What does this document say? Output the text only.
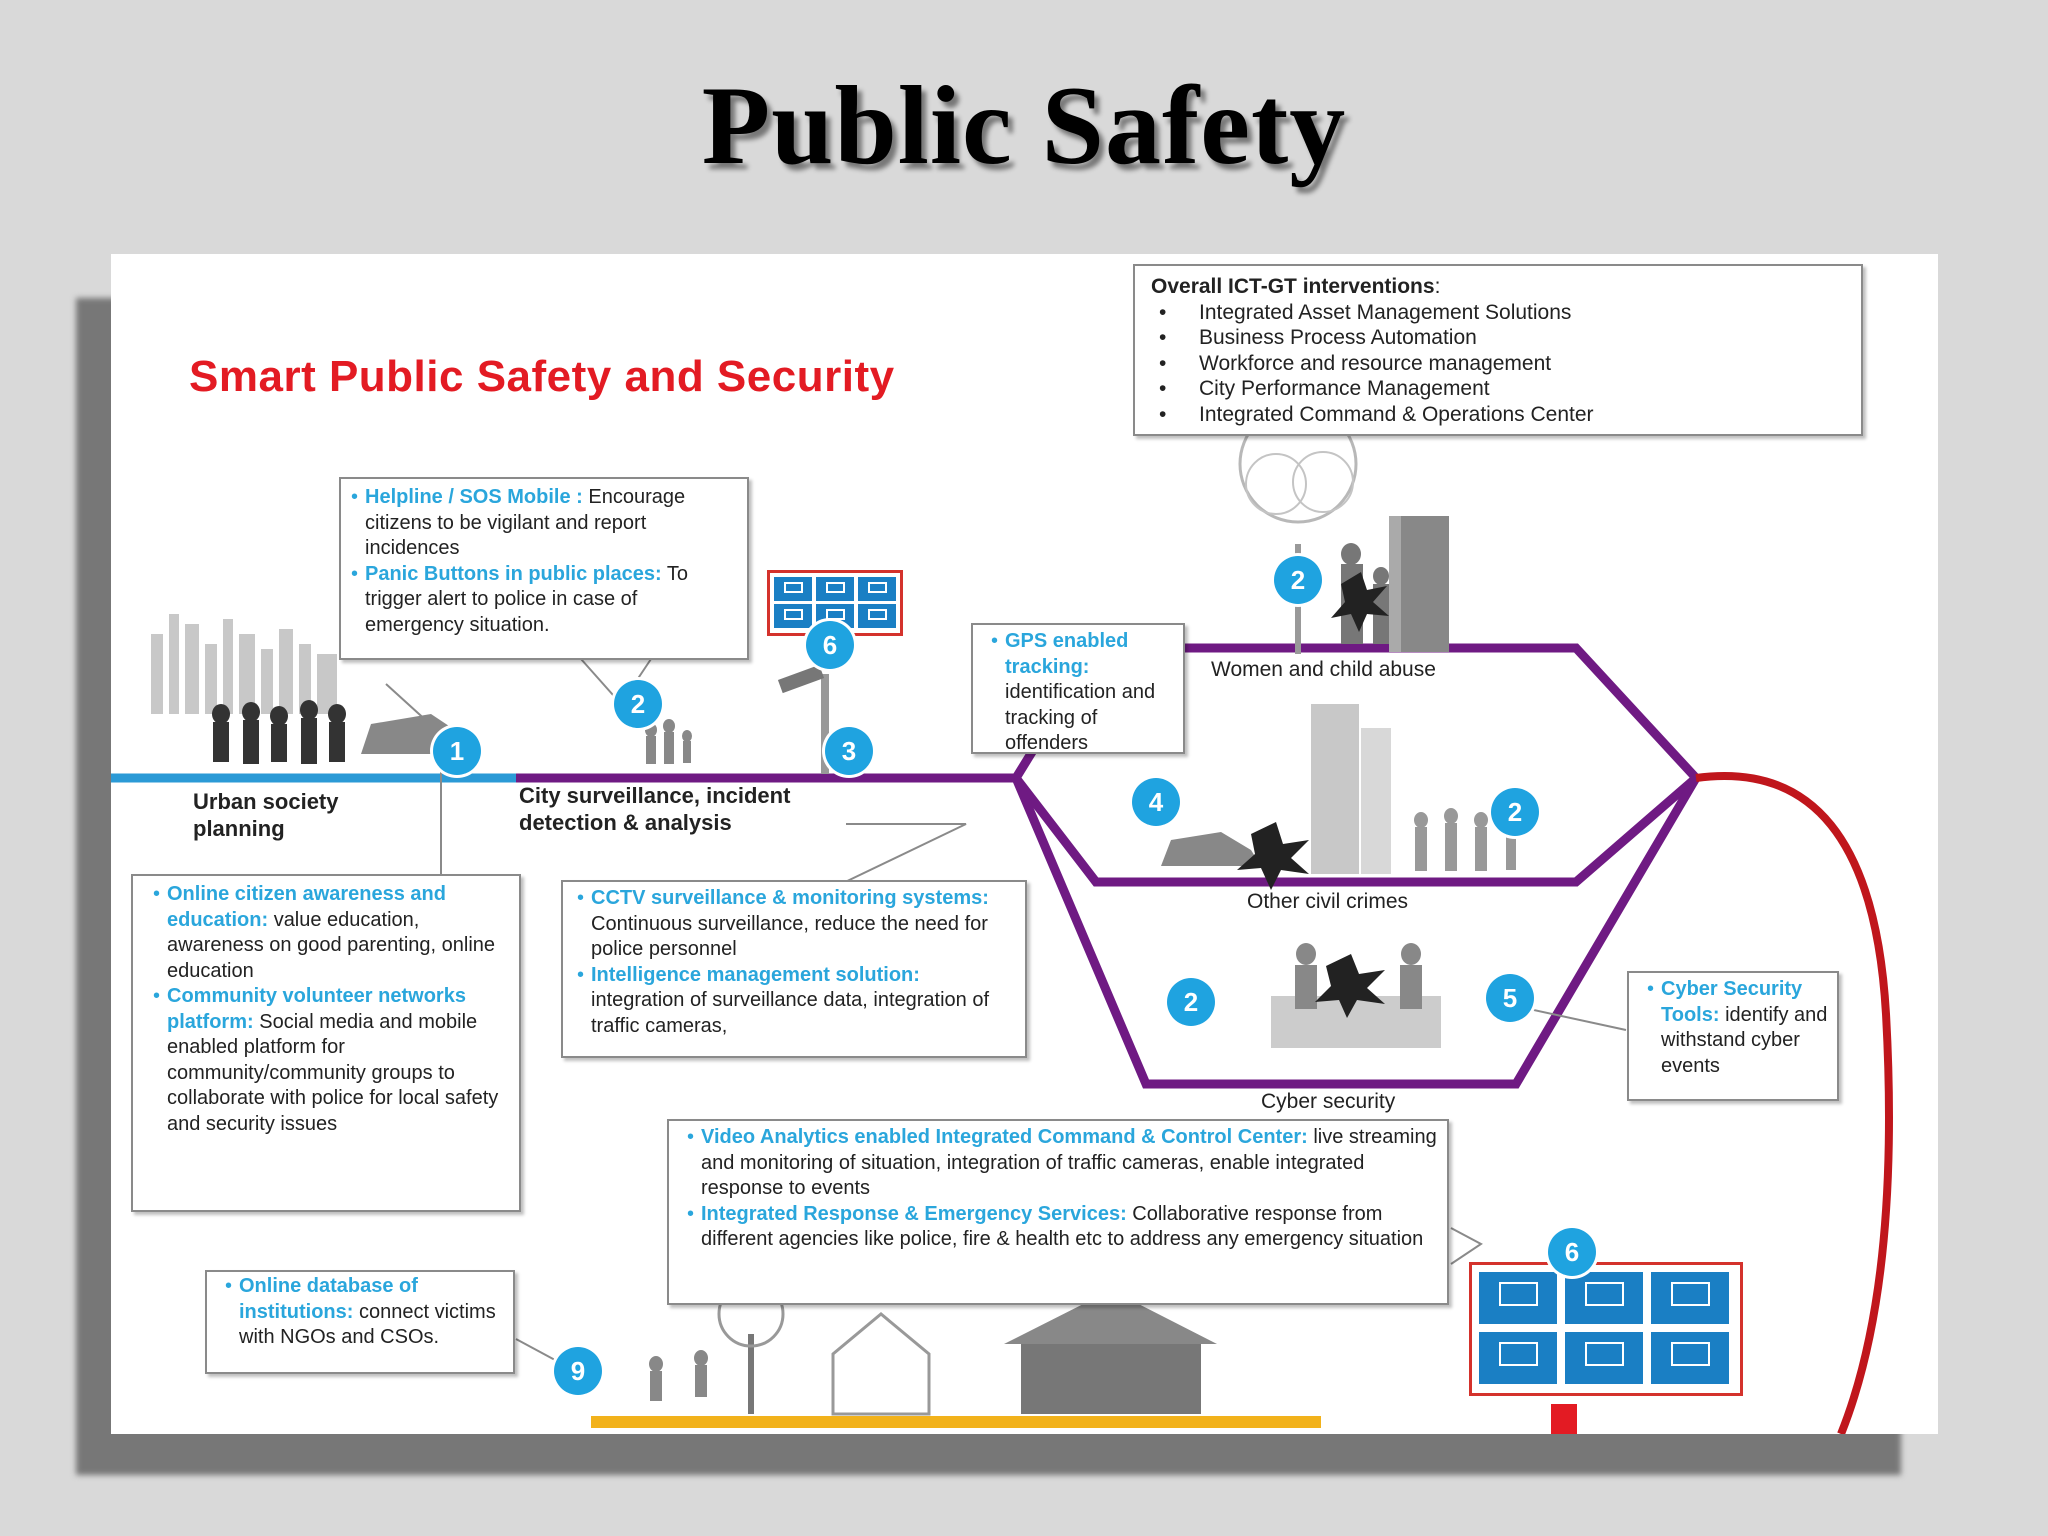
Public Safety
Smart Public Safety and Security
Overall ICT-GT interventions:
• Integrated Asset Management Solutions
• Business Process Automation
• Workforce and resource management
• City Performance Management
• Integrated Command & Operations Center
• Helpline / SOS Mobile : Encourage citizens to be vigilant and report incidences
• Panic Buttons in public places: To trigger alert to police in case of emergency situation.
• GPS enabled tracking: identification and tracking of offenders
• Online citizen awareness and education: value education, awareness on good parenting, online education
• Community volunteer networks platform: Social media and mobile enabled platform for community/community groups to collaborate with police for local safety and security issues
• CCTV surveillance & monitoring systems: Continuous surveillance, reduce the need for police personnel
• Intelligence management solution: integration of surveillance data, integration of traffic cameras,
• Cyber Security Tools: identify and withstand cyber events
• Video Analytics enabled Integrated Command & Control Center: live streaming and monitoring of situation, integration of traffic cameras, enable integrated response to events
• Integrated Response & Emergency Services: Collaborative response from different agencies like police, fire & health etc to address any emergency situation
• Online database of institutions: connect victims with NGOs and CSOs.
Urban society planning
City surveillance, incident detection & analysis
Women and child abuse
Other civil crimes
Cyber security
1
2
3
6
4
2
2
2	5
6
9
